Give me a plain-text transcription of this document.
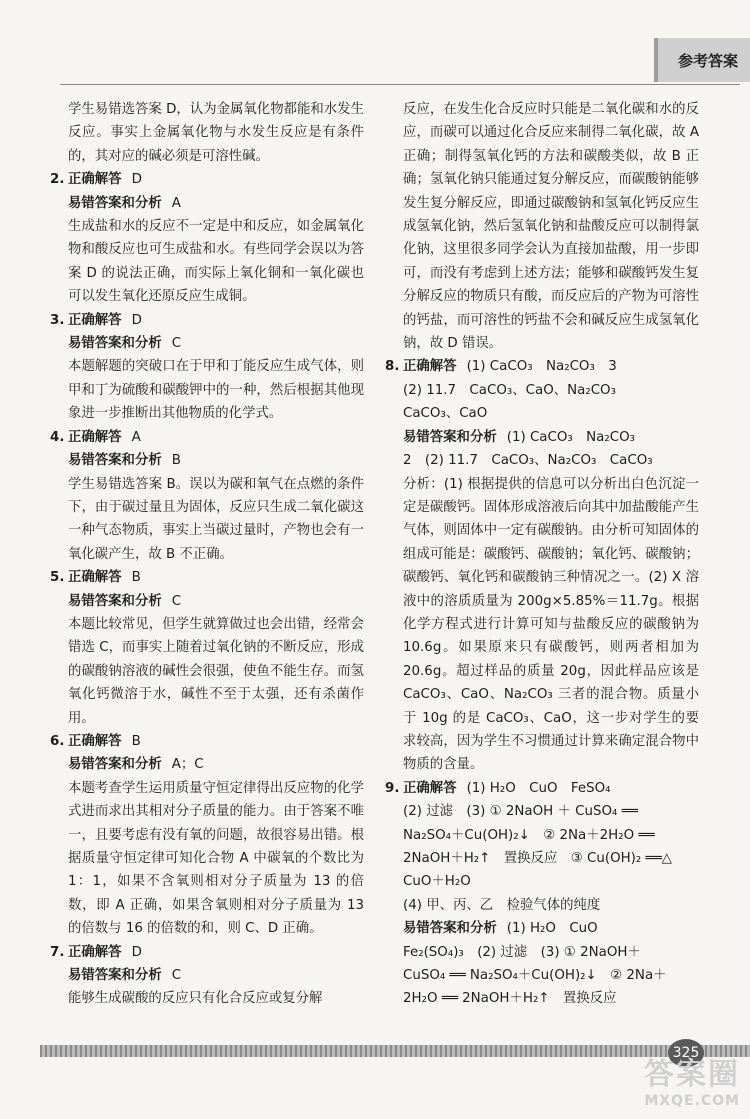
参考答案
学生易错选答案 D，认为金属氧化物都能和水发生反应。事实上金属氧化物与水发生反应是有条件的，其对应的碱必须是可溶性碱。
2. 正确解答 D
易错答案和分析 A
生成盐和水的反应不一定是中和反应，如金属氧化物和酸反应也可生成盐和水。有些同学会误以为答案 D 的说法正确，而实际上氧化铜和一氧化碳也可以发生氧化还原反应生成铜。
3. 正确解答 D
易错答案和分析 C
本题解题的突破口在于甲和丁能反应生成气体，则甲和丁为硫酸和碳酸钾中的一种，然后根据其他现象进一步推断出其他物质的化学式。
4. 正确解答 A
易错答案和分析 B
学生易错选答案 B。误以为碳和氧气在点燃的条件下，由于碳过量且为固体，反应只生成二氧化碳这一种气态物质，事实上当碳过量时，产物也会有一氧化碳产生，故 B 不正确。
5. 正确解答 B
易错答案和分析 C
本题比较常见，但学生就算做过也会出错，经常会错选 C，而事实上随着过氧化钠的不断反应，形成的碳酸钠溶液的碱性会很强，使鱼不能生存。而氢氧化钙微溶于水，碱性不至于太强，还有杀菌作用。
6. 正确解答 B
易错答案和分析 A；C
本题考查学生运用质量守恒定律得出反应物的化学式进而求出其相对分子质量的能力。由于答案不唯一，且要考虑有没有氧的问题，故很容易出错。根据质量守恒定律可知化合物 A 中碳氧的个数比为 1：1，如果不含氧则相对分子质量为 13 的倍数，即 A 正确，如果含氧则相对分子质量为 13 的倍数与 16 的倍数的和，则 C、D 正确。
7. 正确解答 D
易错答案和分析 C
能够生成碳酸的反应只有化合反应或复分解
反应，在发生化合反应时只能是二氧化碳和水的反应，而碳可以通过化合反应来制得二氧化碳，故 A 正确；制得氢氧化钙的方法和碳酸类似，故 B 正确；氢氧化钠只能通过复分解反应，而碳酸钠能够发生复分解反应，即通过碳酸钠和氢氧化钙反应生成氢氧化钠，然后氢氧化钠和盐酸反应可以制得氯化钠，这里很多同学会认为直接加盐酸，用一步即可，而没有考虑到上述方法；能够和碳酸钙发生复分解反应的物质只有酸，而反应后的产物为可溶性的钙盐，而可溶性的钙盐不会和碱反应生成氢氧化钠，故 D 错误。
8. 正确解答 (1) CaCO₃　Na₂CO₃　3
(2) 11.7　CaCO₃、CaO、Na₂CO₃
CaCO₃、CaO
易错答案和分析 (1) CaCO₃　Na₂CO₃
2　(2) 11.7　CaCO₃、Na₂CO₃　CaCO₃
分析：(1) 根据提供的信息可以分析出白色沉淀一定是碳酸钙。固体形成溶液后向其中加盐酸能产生气体，则固体中一定有碳酸钠。由分析可知固体的组成可能是：碳酸钙、碳酸钠；氧化钙、碳酸钠；碳酸钙、氧化钙和碳酸钠三种情况之一。(2) X 溶液中的溶质质量为 200g×5.85%＝11.7g。根据化学方程式进行计算可知与盐酸反应的碳酸钠为 10.6g。如果原来只有碳酸钙，则两者相加为 20.6g。超过样品的质量 20g，因此样品应该是 CaCO₃、CaO、Na₂CO₃ 三者的混合物。质量小于 10g 的是 CaCO₃、CaO，这一步对学生的要求较高，因为学生不习惯通过计算来确定混合物中物质的含量。
9. 正确解答 (1) H₂O　CuO　FeSO₄
(2) 过滤　(3) ① 2NaOH ＋ CuSO₄ ══
Na₂SO₄＋Cu(OH)₂↓　② 2Na＋2H₂O ══
2NaOH＋H₂↑　置换反应　③ Cu(OH)₂ ══△
CuO＋H₂O
(4) 甲、丙、乙　检验气体的纯度
易错答案和分析 (1) H₂O　CuO
Fe₂(SO₄)₃　(2) 过滤　(3) ① 2NaOH＋
CuSO₄ ══ Na₂SO₄＋Cu(OH)₂↓　② 2Na＋
2H₂O ══ 2NaOH＋H₂↑　置换反应
325
答案圈
MXQE.COM
